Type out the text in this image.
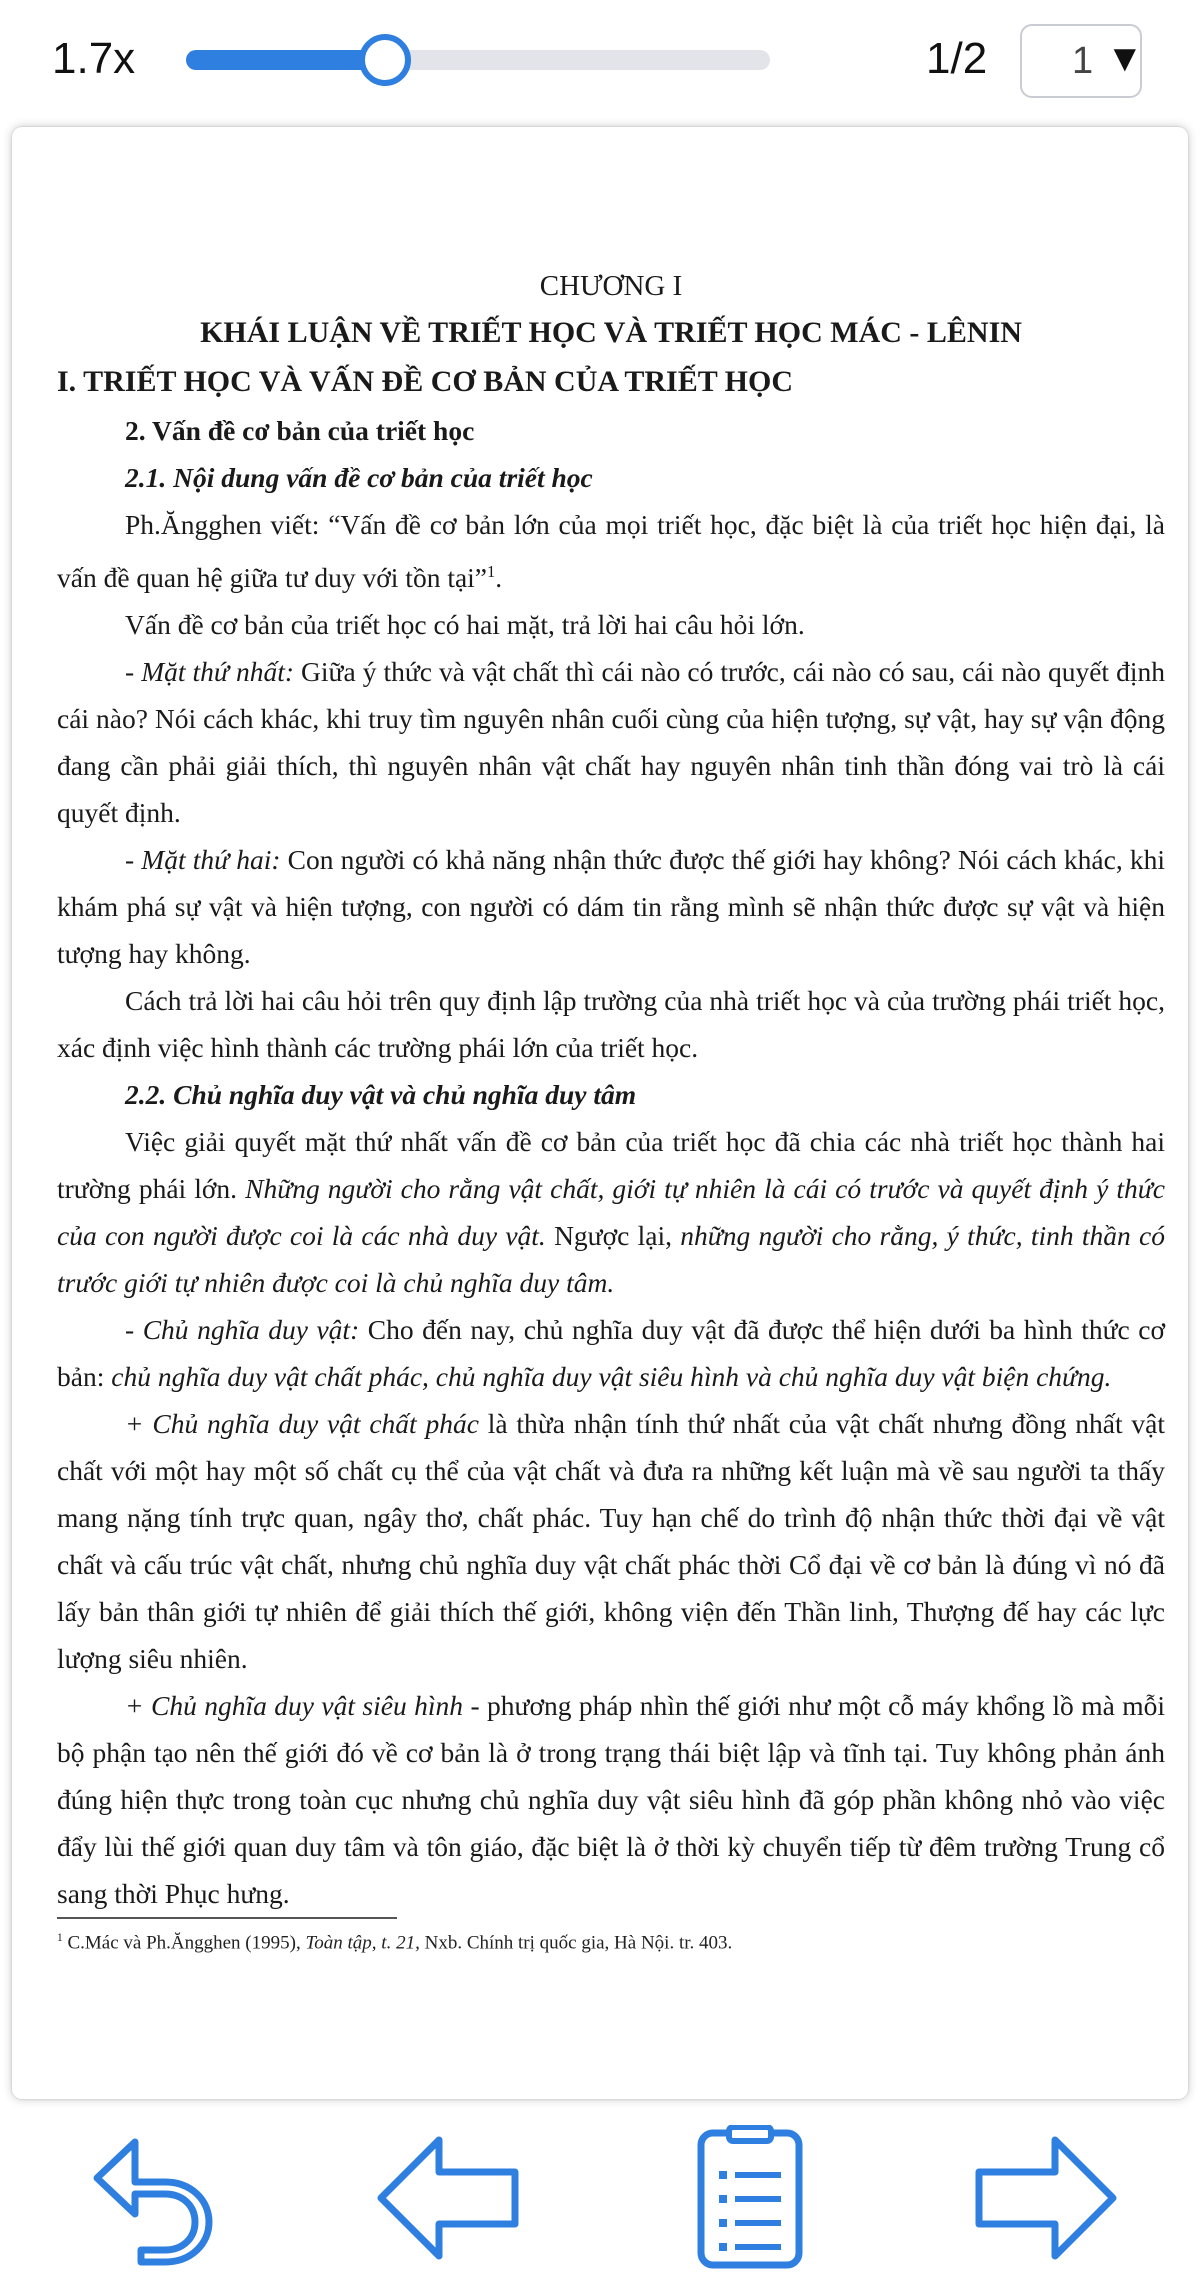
1.7x	1/2 1 ▼

CHƯƠNG I

KHÁI LUẬN VỀ TRIẾT HỌC VÀ TRIẾT HỌC MÁC - LÊNIN

I. TRIẾT HỌC VÀ VẤN ĐỀ CƠ BẢN CỦA TRIẾT HỌC

2. Vấn đề cơ bản của triết học

2.1. Nội dung vấn đề cơ bản của triết học

Ph.Ăngghen viết: “Vấn đề cơ bản lớn của mọi triết học, đặc biệt là của triết học hiện đại, là vấn đề quan hệ giữa tư duy với tồn tại”$^1$.

Vấn đề cơ bản của triết học có hai mặt, trả lời hai câu hỏi lớn.

- Mặt thứ nhất: Giữa ý thức và vật chất thì cái nào có trước, cái nào có sau, cái nào quyết định cái nào? Nói cách khác, khi truy tìm nguyên nhân cuối cùng của hiện tượng, sự vật, hay sự vận động đang cần phải giải thích, thì nguyên nhân vật chất hay nguyên nhân tinh thần đóng vai trò là cái quyết định.

- Mặt thứ hai: Con người có khả năng nhận thức được thế giới hay không? Nói cách khác, khi khám phá sự vật và hiện tượng, con người có dám tin rằng mình sẽ nhận thức được sự vật và hiện tượng hay không.

Cách trả lời hai câu hỏi trên quy định lập trường của nhà triết học và của trường phái triết học, xác định việc hình thành các trường phái lớn của triết học.

2.2. Chủ nghĩa duy vật và chủ nghĩa duy tâm

Việc giải quyết mặt thứ nhất vấn đề cơ bản của triết học đã chia các nhà triết học thành hai trường phái lớn. Những người cho rằng vật chất, giới tự nhiên là cái có trước và quyết định ý thức của con người được coi là các nhà duy vật. Ngược lại, những người cho rằng, ý thức, tinh thần có trước giới tự nhiên được coi là chủ nghĩa duy tâm.

- Chủ nghĩa duy vật: Cho đến nay, chủ nghĩa duy vật đã được thể hiện dưới ba hình thức cơ bản: chủ nghĩa duy vật chất phác, chủ nghĩa duy vật siêu hình và chủ nghĩa duy vật biện chứng.

+ Chủ nghĩa duy vật chất phác là thừa nhận tính thứ nhất của vật chất nhưng đồng nhất vật chất với một hay một số chất cụ thể của vật chất và đưa ra những kết luận mà về sau người ta thấy mang nặng tính trực quan, ngây thơ, chất phác. Tuy hạn chế do trình độ nhận thức thời đại về vật chất và cấu trúc vật chất, nhưng chủ nghĩa duy vật chất phác thời Cổ đại về cơ bản là đúng vì nó đã lấy bản thân giới tự nhiên để giải thích thế giới, không viện đến Thần linh, Thượng đế hay các lực lượng siêu nhiên.

+ Chủ nghĩa duy vật siêu hình - phương pháp nhìn thế giới như một cỗ máy khổng lồ mà mỗi bộ phận tạo nên thế giới đó về cơ bản là ở trong trạng thái biệt lập và tĩnh tại. Tuy không phản ánh đúng hiện thực trong toàn cục nhưng chủ nghĩa duy vật siêu hình đã góp phần không nhỏ vào việc đẩy lùi thế giới quan duy tâm và tôn giáo, đặc biệt là ở thời kỳ chuyển tiếp từ đêm trường Trung cổ sang thời Phục hưng.

$^1$ C.Mác và Ph.Ăngghen (1995), Toàn tập, t. 21, Nxb. Chính trị quốc gia, Hà Nội. tr. 403.
